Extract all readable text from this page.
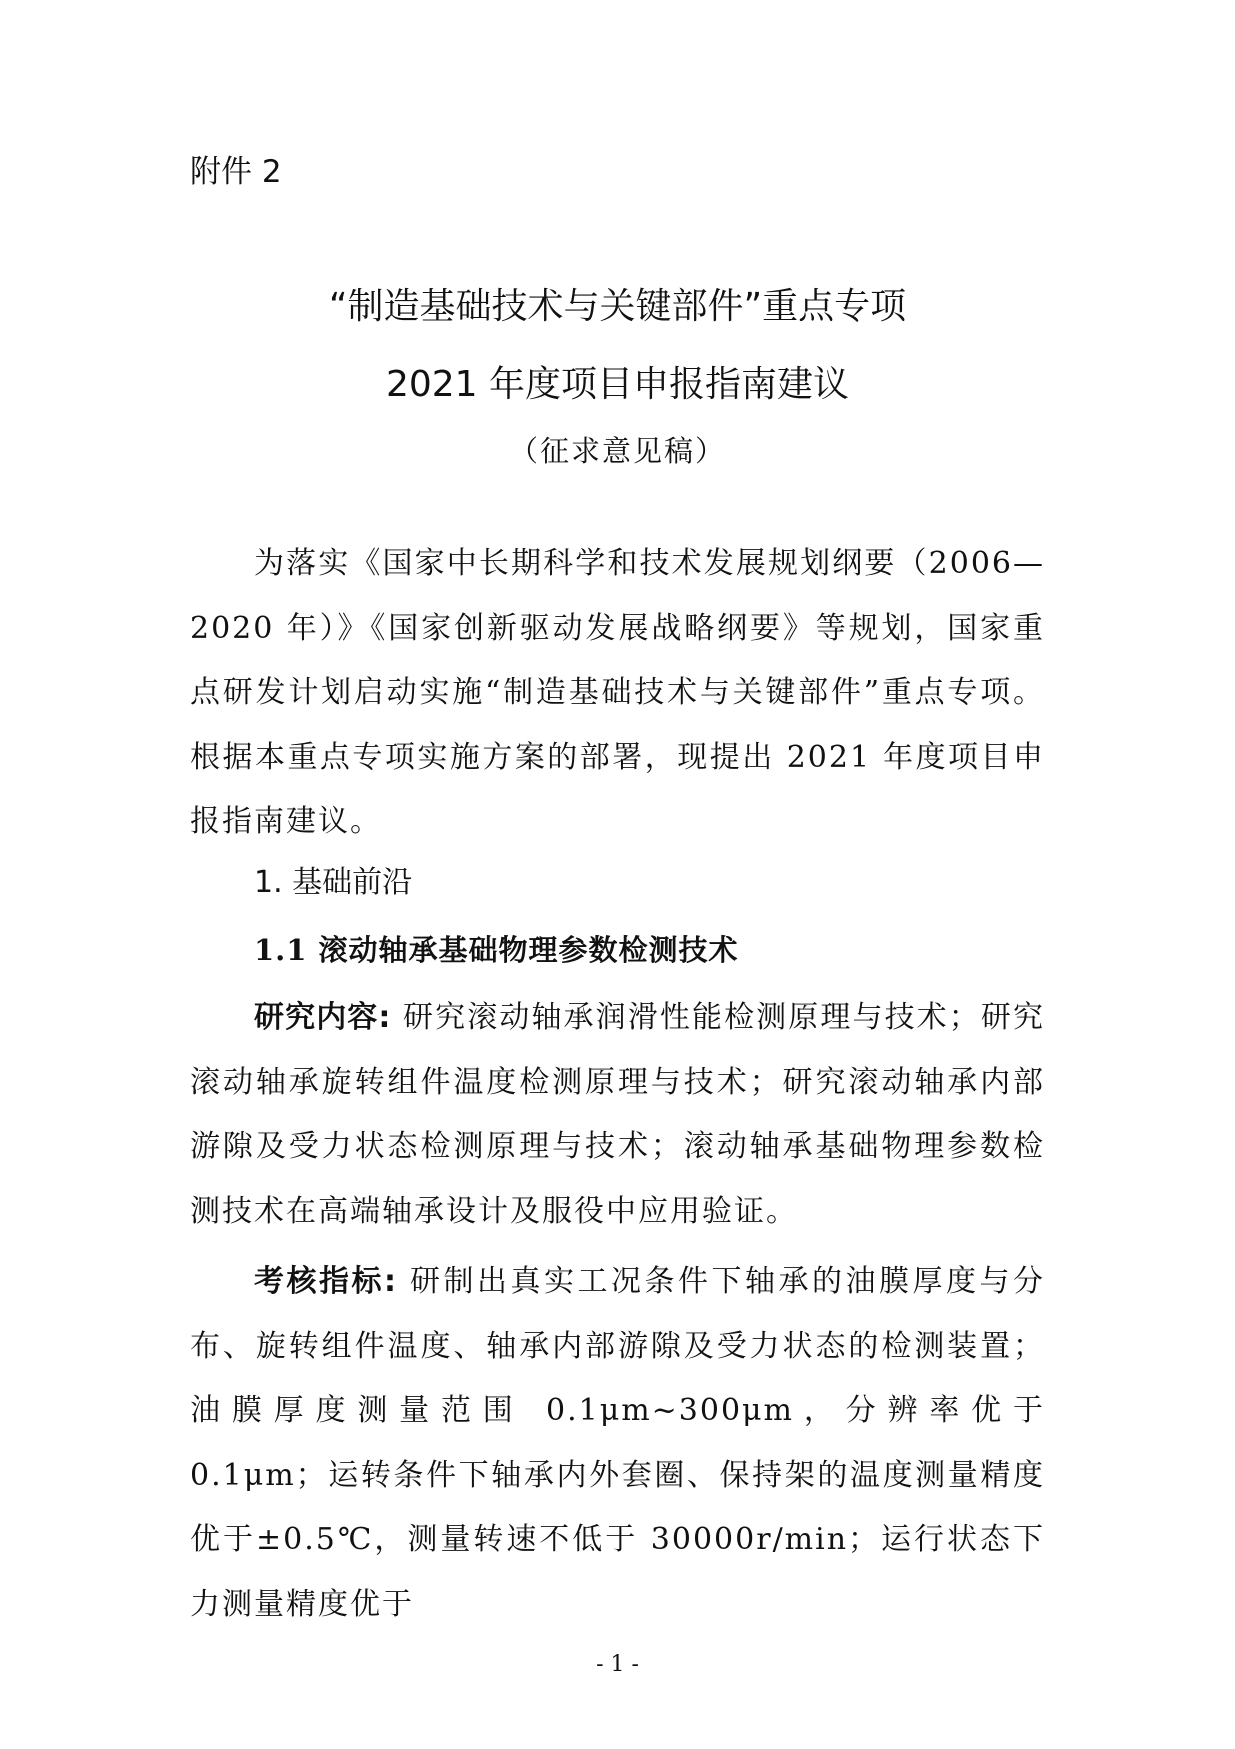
附件 2

“制造基础技术与关键部件”重点专项
2021 年度项目申报指南建议

（征求意见稿）

为落实《国家中长期科学和技术发展规划纲要（2006—2020 年）》《国家创新驱动发展战略纲要》等规划，国家重点研发计划启动实施“制造基础技术与关键部件”重点专项。根据本重点专项实施方案的部署，现提出 2021 年度项目申报指南建议。

1. 基础前沿
1.1 滚动轴承基础物理参数检测技术

研究内容: 研究滚动轴承润滑性能检测原理与技术；研究滚动轴承旋转组件温度检测原理与技术；研究滚动轴承内部游隙及受力状态检测原理与技术；滚动轴承基础物理参数检测技术在高端轴承设计及服役中应用验证。

考核指标: 研制出真实工况条件下轴承的油膜厚度与分布、旋转组件温度、轴承内部游隙及受力状态的检测装置；油膜厚度测量范围 0.1μm~300μm，分辨率优于 0.1μm；运转条件下轴承内外套圈、保持架的温度测量精度优于±0.5℃，测量转速不低于 30000r/min；运行状态下力测量精度优于

- 1 -
